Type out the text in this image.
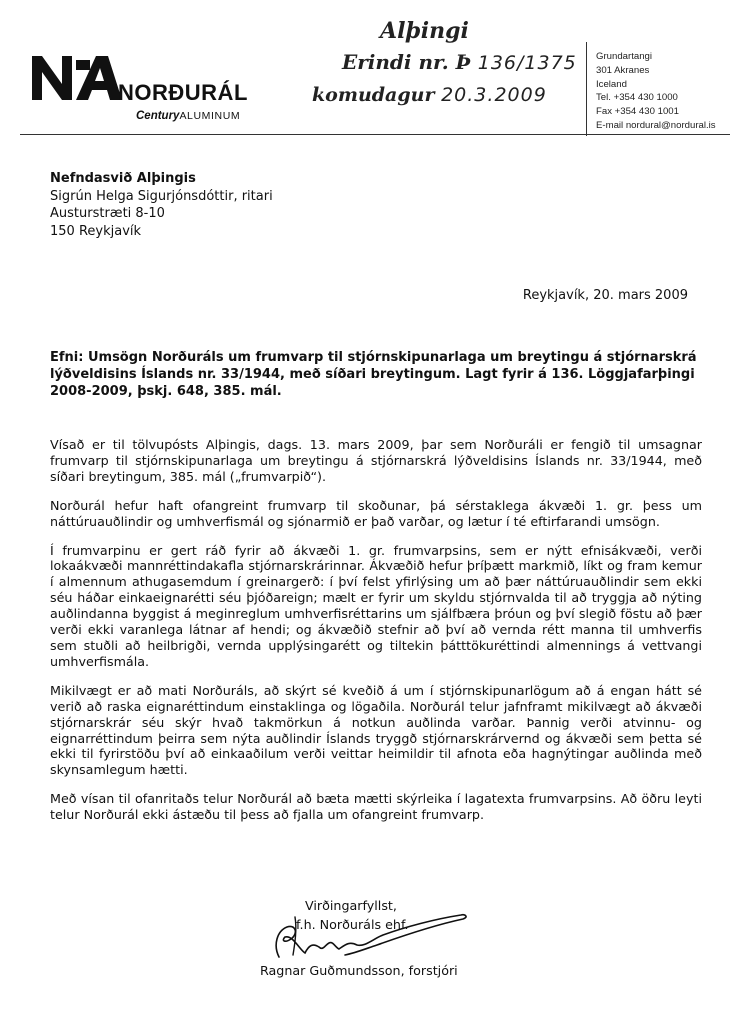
NORÐURÁL
CenturyALUMINUM
Alþingi
Erindi nr. Þ 136/1375
komudagur 20.3.2009
Grundartangi
301 Akranes
Iceland
Tel. +354 430 1000
Fax +354 430 1001
E-mail nordural@nordural.is
Nefndasvið Alþingis
Sigrún Helga Sigurjónsdóttir, ritari
Austurstræti 8-10
150 Reykjavík
Reykjavík, 20. mars 2009
Efni: Umsögn Norðuráls um frumvarp til stjórnskipunarlaga um breytingu á stjórnarskrá lýðveldisins Íslands nr. 33/1944, með síðari breytingum. Lagt fyrir á 136. Löggjafarþingi 2008-2009, þskj. 648, 385. mál.

Vísað er til tölvupósts Alþingis, dags. 13. mars 2009, þar sem Norðuráli er fengið til umsagnar frumvarp til stjórnskipunarlaga um breytingu á stjórnarskrá lýðveldisins Íslands nr. 33/1944, með síðari breytingum, 385. mál („frumvarpið“).

Norðurál hefur haft ofangreint frumvarp til skoðunar, þá sérstaklega ákvæði 1. gr. þess um náttúruauðlindir og umhverfismál og sjónarmið er það varðar, og lætur í té eftirfarandi umsögn.

Í frumvarpinu er gert ráð fyrir að ákvæði 1. gr. frumvarpsins, sem er nýtt efnisákvæði, verði lokaákvæði mannréttindakafla stjórnarskrárinnar. Ákvæðið hefur þríþætt markmið, líkt og fram kemur í almennum athugasemdum í greinargerð: í því felst yfirlýsing um að þær náttúruauðlindir sem ekki séu háðar einkaeignarétti séu þjóðareign; mælt er fyrir um skyldu stjórnvalda til að tryggja að nýting auðlindanna byggist á meginreglum umhverfisréttarins um sjálfbæra þróun og því slegið föstu að þær verði ekki varanlega látnar af hendi; og ákvæðið stefnir að því að vernda rétt manna til umhverfis sem stuðli að heilbrigði, vernda upplýsingarétt og tiltekin þátttökuréttindi almennings á vettvangi umhverfismála.

Mikilvægt er að mati Norðuráls, að skýrt sé kveðið á um í stjórnskipunarlögum að á engan hátt sé verið að raska eignaréttindum einstaklinga og lögaðila. Norðurál telur jafnframt mikilvægt að ákvæði stjórnarskrár séu skýr hvað takmörkun á notkun auðlinda varðar. Þannig verði atvinnu- og eignarréttindum þeirra sem nýta auðlindir Íslands tryggð stjórnarskrárvernd og ákvæði sem þetta sé ekki til fyrirstöðu því að einkaaðilum verði veittar heimildir til afnota eða hagnýtingar auðlinda með skynsamlegum hætti.

Með vísan til ofanritaðs telur Norðurál að bæta mætti skýrleika í lagatexta frumvarpsins. Að öðru leyti telur Norðurál ekki ástæðu til þess að fjalla um ofangreint frumvarp.

Virðingarfyllst,
f.h. Norðuráls ehf.
Ragnar Guðmundsson, forstjóri
